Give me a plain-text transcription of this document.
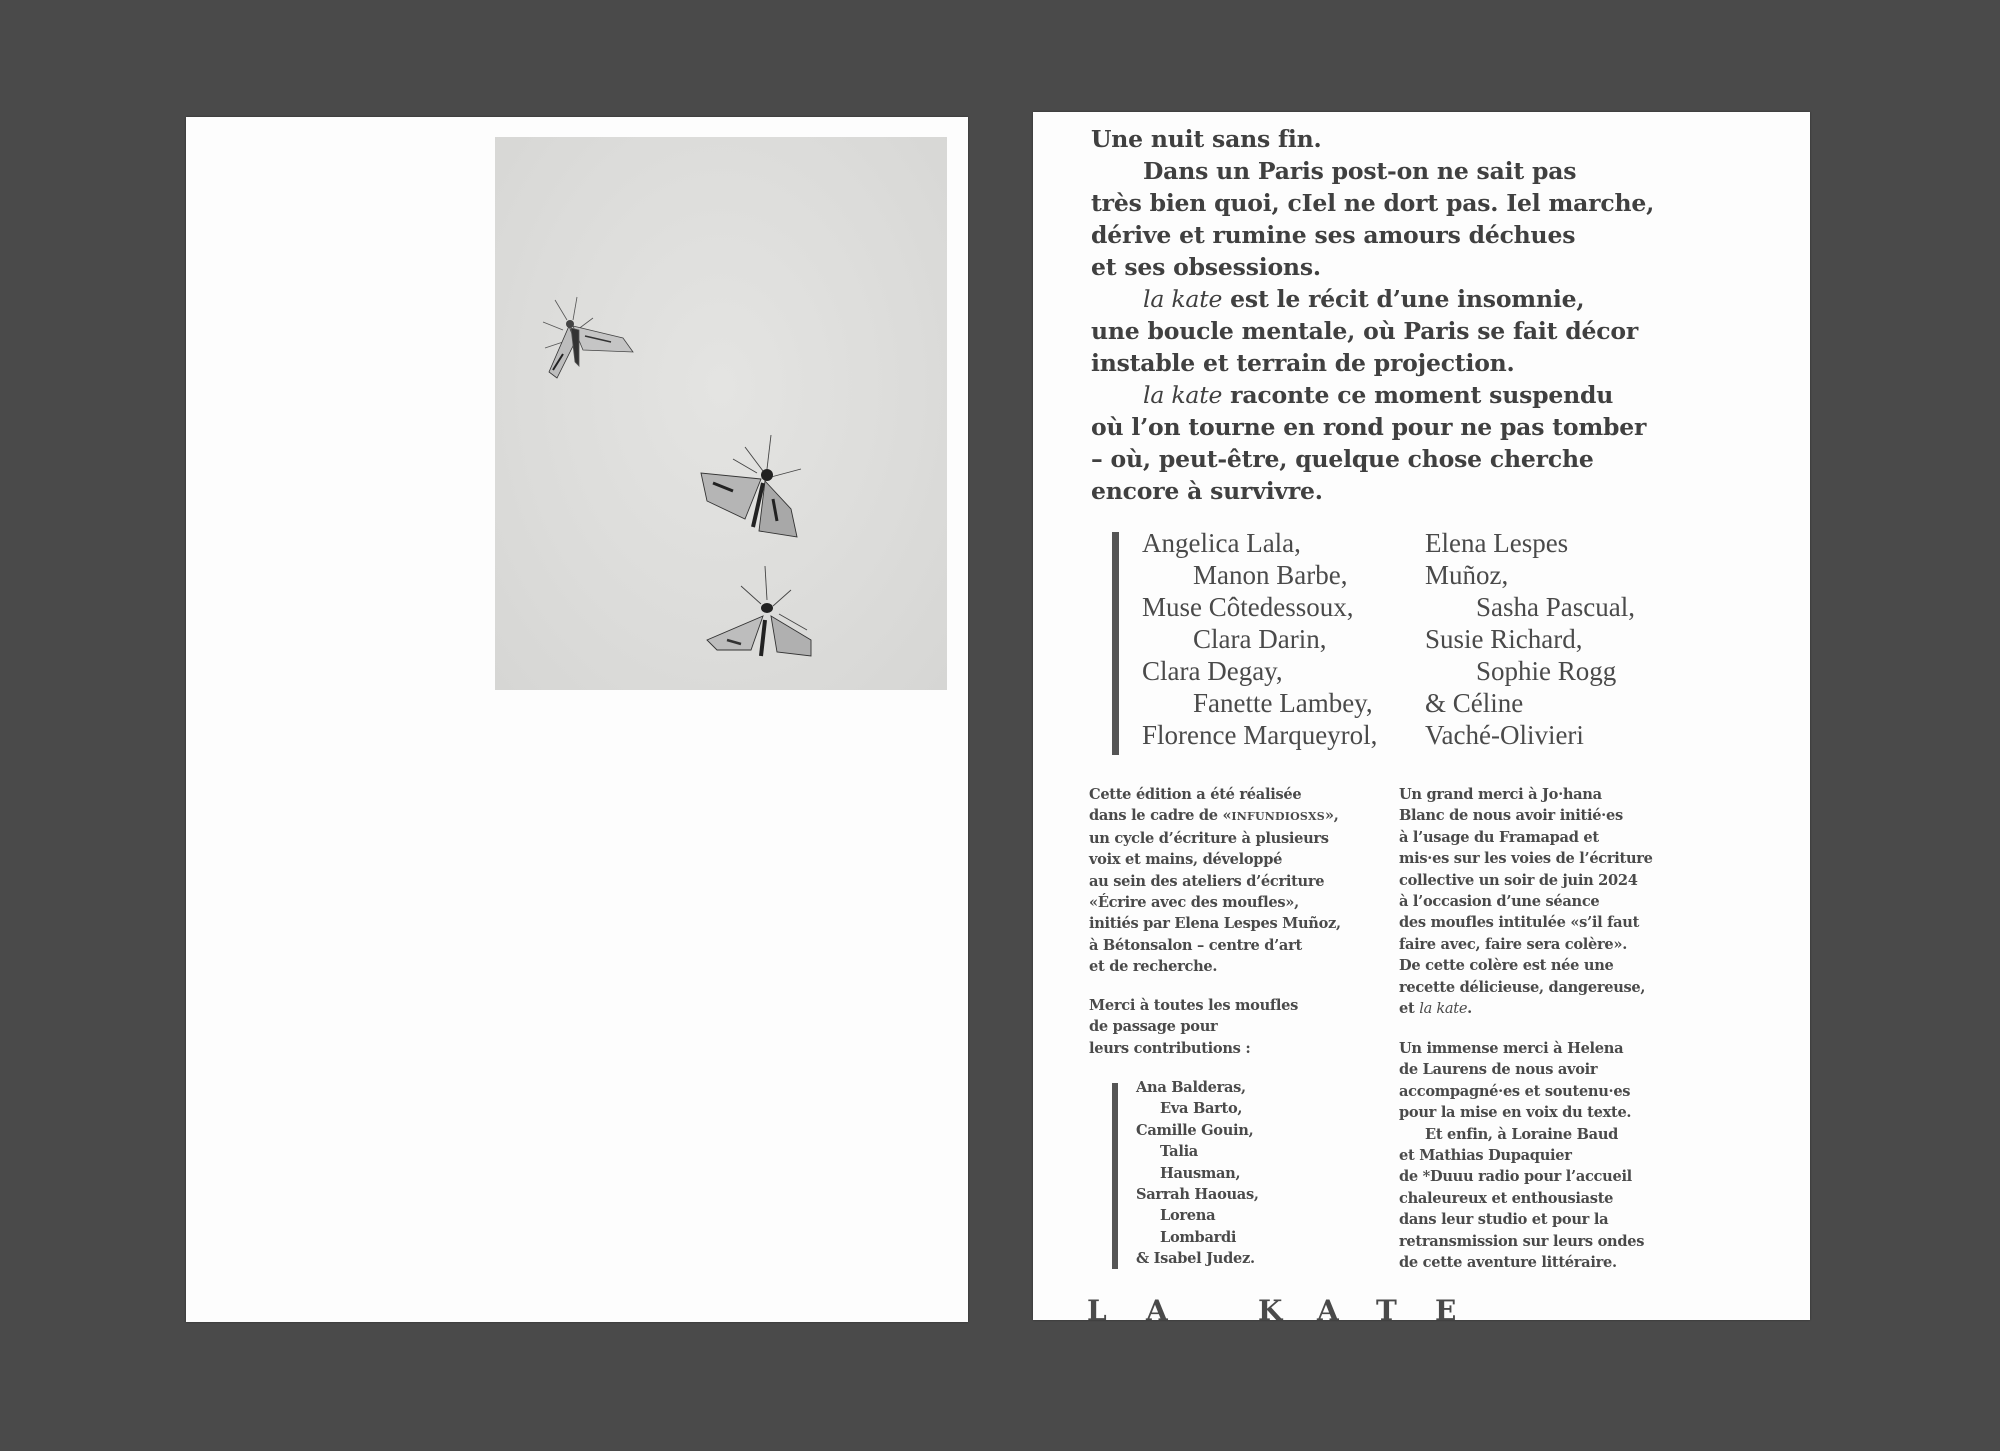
Une nuit sans fin.
Dans un Paris post-on ne sait pas
très bien quoi, cIel ne dort pas. Iel marche,
dérive et rumine ses amours déchues
et ses obsessions.
la kate est le récit d’une insomnie,
une boucle mentale, où Paris se fait décor
instable et terrain de projection.
la kate raconte ce moment suspendu
où l’on tourne en rond pour ne pas tomber
– où, peut-être, quelque chose cherche
encore à survivre.
Angelica Lala,
Manon Barbe,
Muse Côtedessoux,
Clara Darin,
Clara Degay,
Fanette Lambey,
Florence Marqueyrol,
Elena Lespes
Muñoz,
Sasha Pascual,
Susie Richard,
Sophie Rogg
& Céline
Vaché-Olivieri
Cette édition a été réalisée
dans le cadre de «INFUNDIOSXS»,
un cycle d’écriture à plusieurs
voix et mains, développé
au sein des ateliers d’écriture
«Écrire avec des moufles»,
initiés par Elena Lespes Muñoz,
à Bétonsalon – centre d’art
et de recherche.
Merci à toutes les moufles
de passage pour
leurs contributions :
Ana Balderas,
Eva Barto,
Camille Gouin,
Talia
Hausman,
Sarrah Haouas,
Lorena
Lombardi
& Isabel Judez.
Un grand merci à Jo·hana
Blanc de nous avoir initié·es
à l’usage du Framapad et
mis·es sur les voies de l’écriture
collective un soir de juin 2024
à l’occasion d’une séance
des moufles intitulée «s’il faut
faire avec, faire sera colère».
De cette colère est née une
recette délicieuse, dangereuse,
et la kate.
Un immense merci à Helena
de Laurens de nous avoir
accompagné·es et soutenu·es
pour la mise en voix du texte.
Et enfin, à Loraine Baud
et Mathias Dupaquier
de *Duuu radio pour l’accueil
chaleureux et enthousiaste
dans leur studio et pour la
retransmission sur leurs ondes
de cette aventure littéraire.
L A	K A T E
